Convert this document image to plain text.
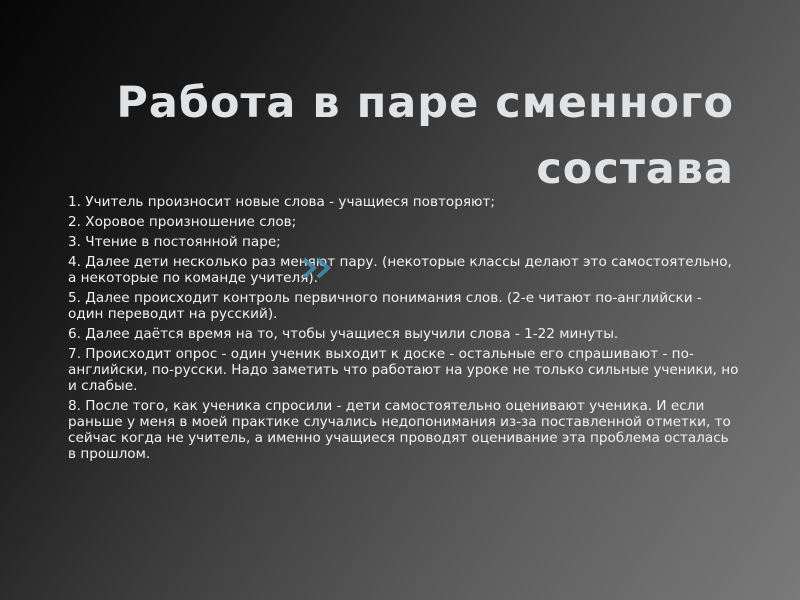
Работа в паре сменного состава

1. Учитель произносит новые слова - учащиеся повторяют;

2. Хоровое произношение слов;

3. Чтение в постоянной паре;

4. Далее дети несколько раз меняют пару. (некоторые классы делают это самостоятельно, а некоторые по команде учителя).

5. Далее происходит контроль первичного понимания слов. (2-е читают по-английски - один переводит на русский).

6. Далее даётся время на то, чтобы учащиеся выучили слова - 1-22 минуты.

7. Происходит опрос - один ученик выходит к доске - остальные его спрашивают - по-английски, по-русски. Надо заметить что работают на уроке не только сильные ученики, но и слабые.

8. После того, как ученика спросили - дети самостоятельно оценивают ученика. И если раньше у меня в моей практике случались недопонимания из-за поставленной отметки, то сейчас когда не учитель, а именно учащиеся проводят оценивание эта проблема осталась в прошлом.
